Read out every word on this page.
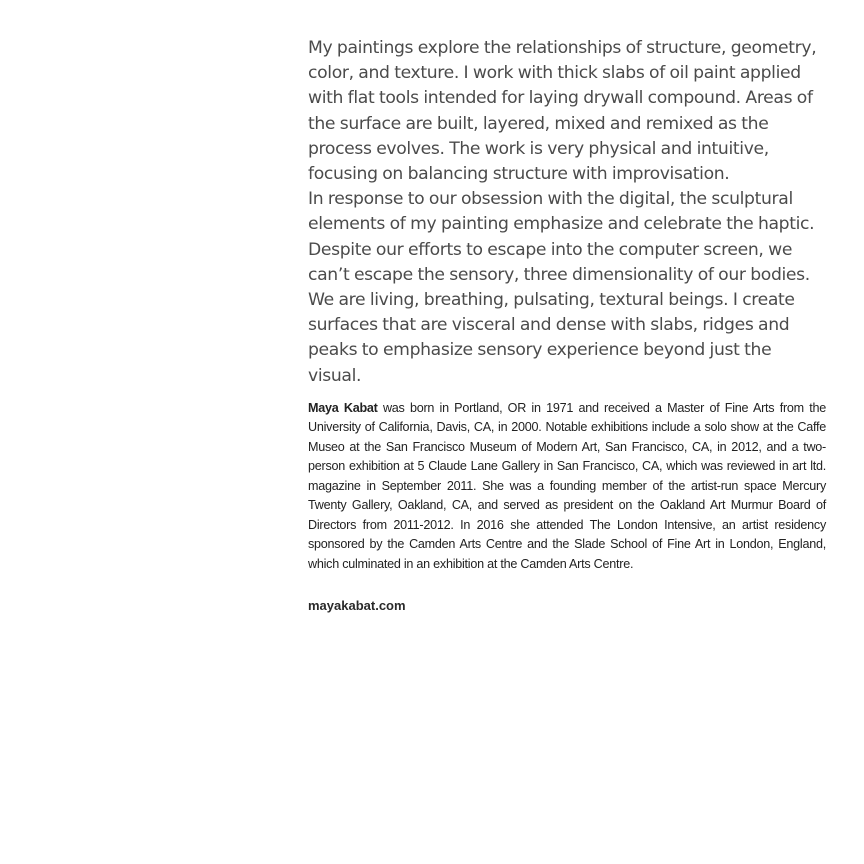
My paintings explore the relationships of structure, geometry, color, and texture. I work with thick slabs of oil paint applied with flat tools intended for laying drywall compound. Areas of the surface are built, layered, mixed and remixed as the process evolves. The work is very physical and intuitive, focusing on balancing structure with improvisation.

In response to our obsession with the digital, the sculptural elements of my painting emphasize and celebrate the haptic. Despite our efforts to escape into the computer screen, we can’t escape the sensory, three dimensionality of our bodies. We are living, breathing, pulsating, textural beings. I create surfaces that are visceral and dense with slabs, ridges and peaks to emphasize sensory experience beyond just the visual.

Maya Kabat was born in Portland, OR in 1971 and received a Master of Fine Arts from the University of California, Davis, CA, in 2000. Notable exhibitions include a solo show at the Caffe Museo at the San Francisco Museum of Modern Art, San Francisco, CA, in 2012, and a two-person exhibition at 5 Claude Lane Gallery in San Francisco, CA, which was reviewed in art ltd. magazine in September 2011. She was a founding member of the artist-run space Mercury Twenty Gallery, Oakland, CA, and served as president on the Oakland Art Murmur Board of Directors from 2011-2012. In 2016 she attended The London Intensive, an artist residency sponsored by the Camden Arts Centre and the Slade School of Fine Art in London, England, which culminated in an exhibition at the Camden Arts Centre.

mayakabat.com
